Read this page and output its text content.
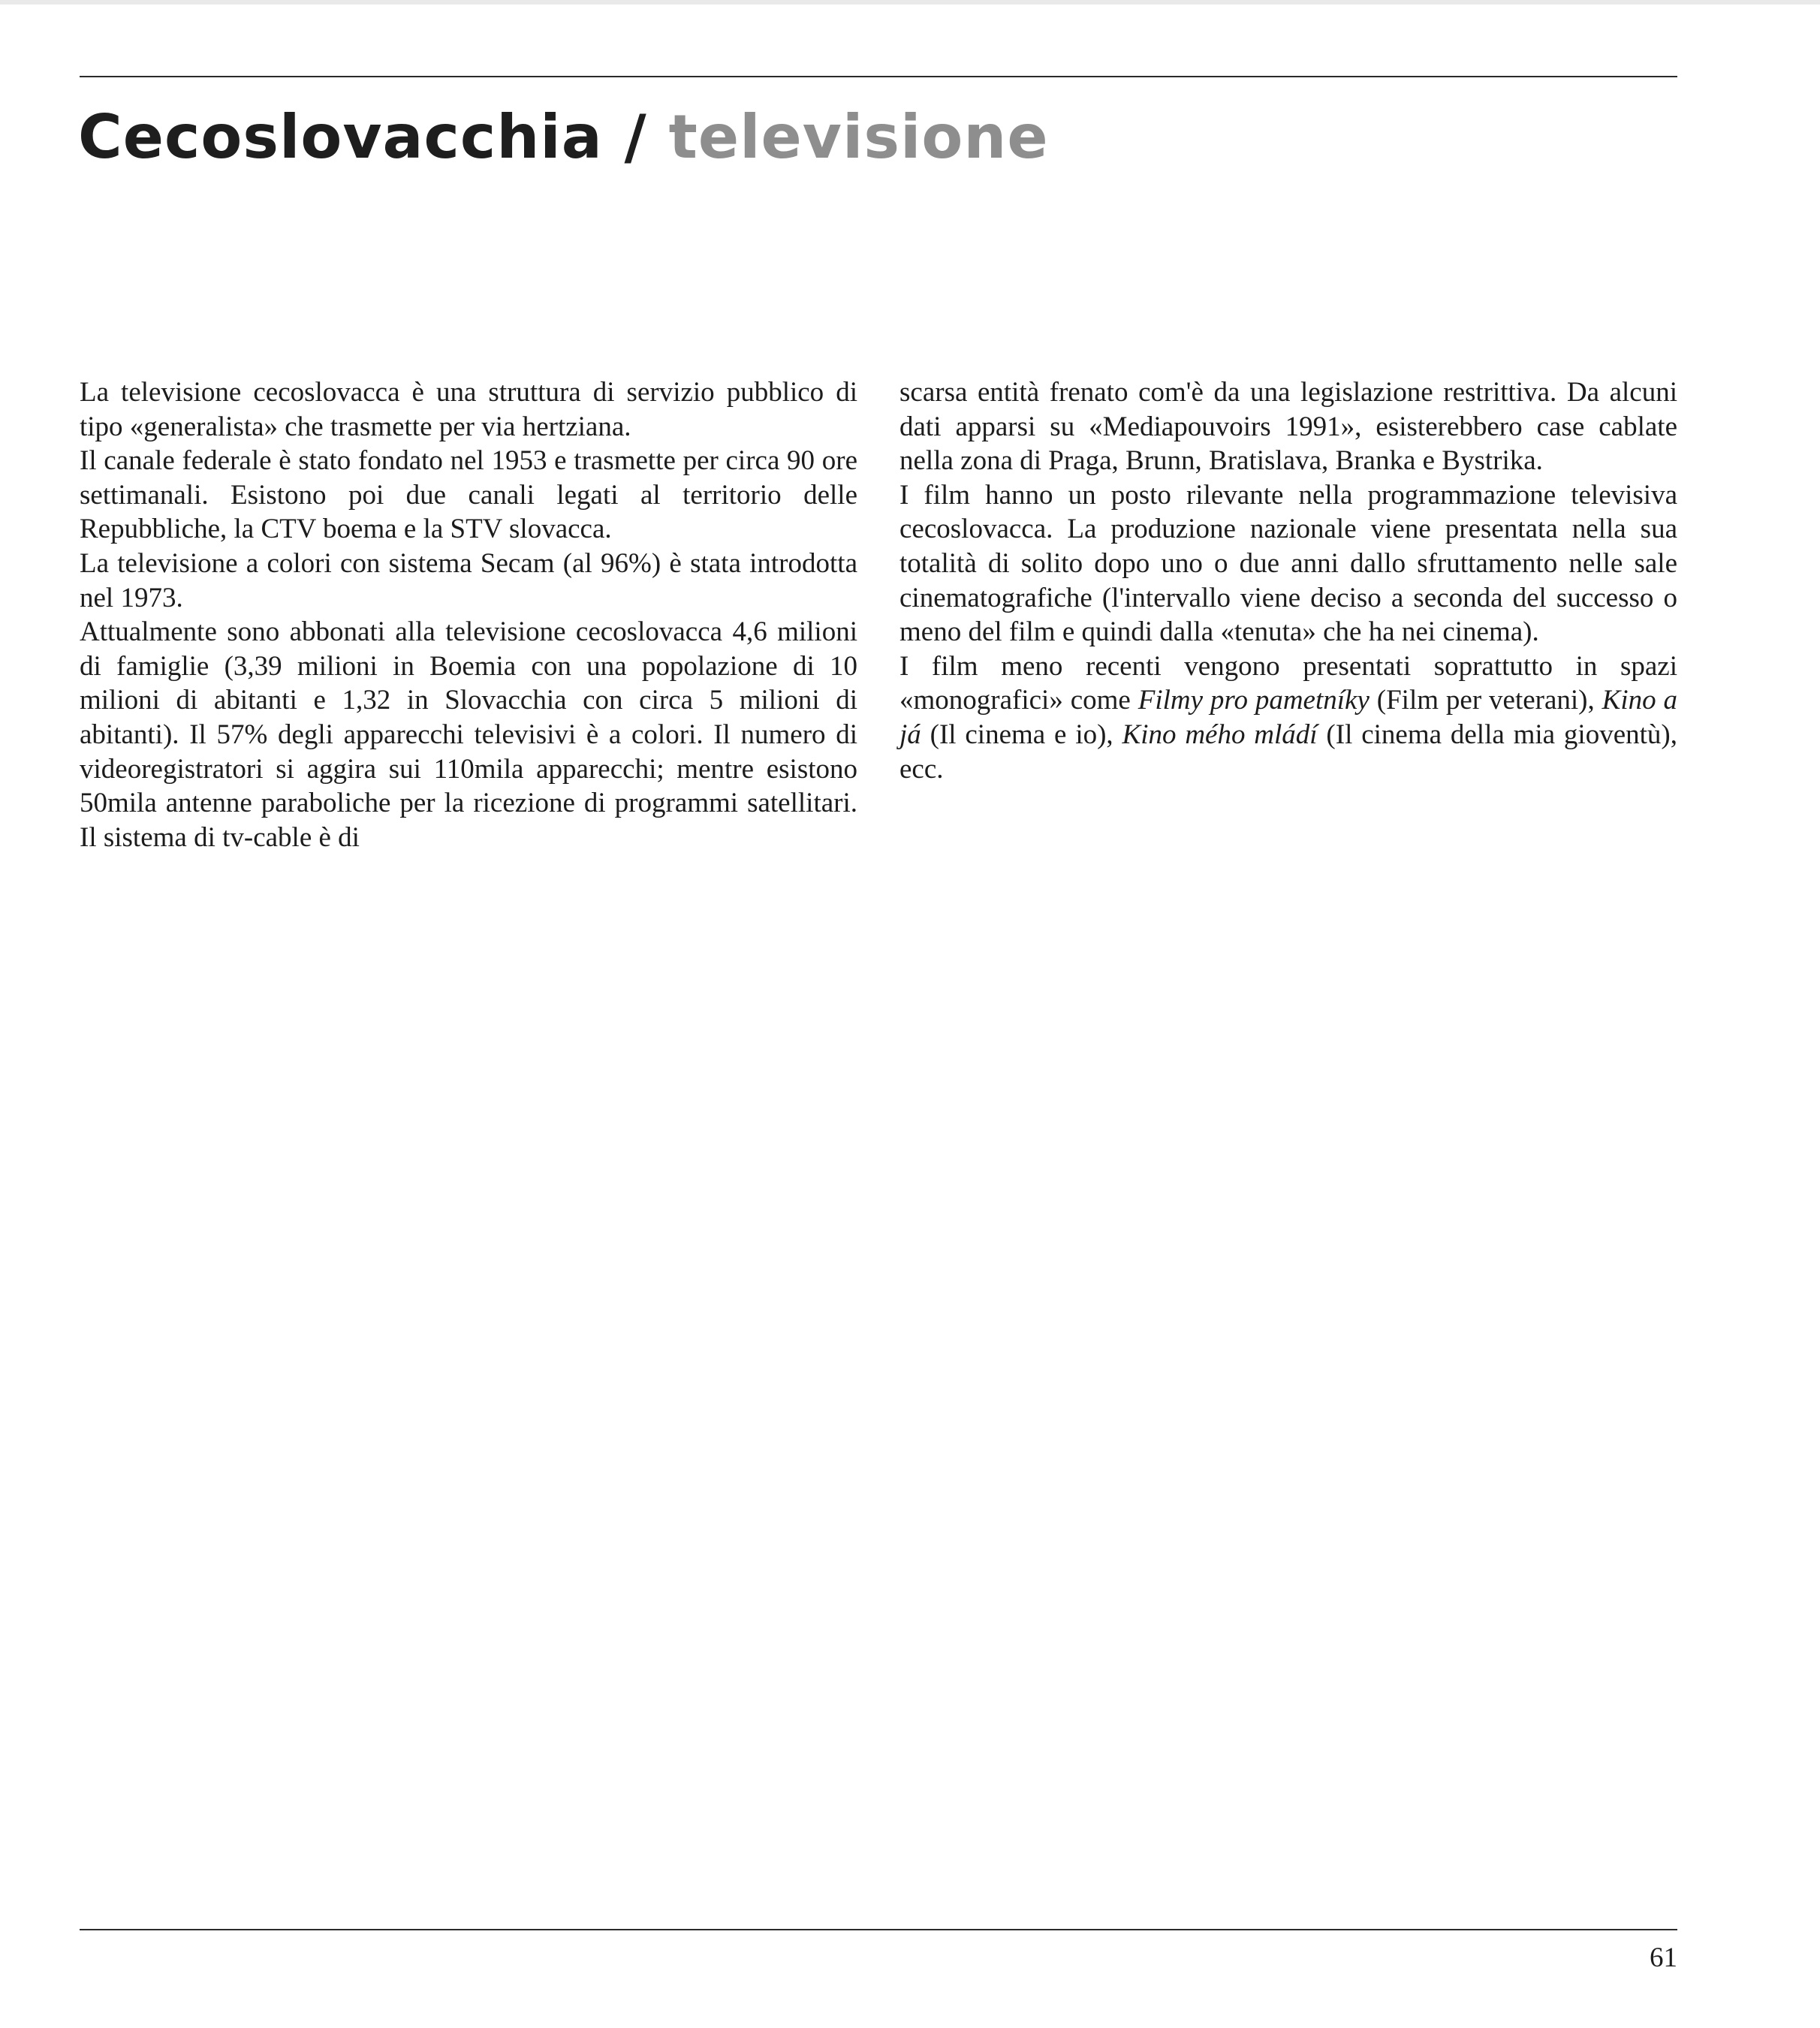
Cecoslovacchia / televisione

La televisione cecoslovacca è una struttura di servizio pubblico di tipo «generalista» che trasmette per via hertziana.

Il canale federale è stato fondato nel 1953 e trasmette per circa 90 ore settimanali. Esistono poi due canali legati al territorio delle Repubbliche, la CTV boema e la STV slovacca.

La televisione a colori con sistema Secam (al 96%) è stata introdotta nel 1973.

Attualmente sono abbonati alla televisione cecoslovacca 4,6 milioni di famiglie (3,39 milioni in Boemia con una popolazione di 10 milioni di abitanti e 1,32 in Slovacchia con circa 5 milioni di abitanti). Il 57% degli apparecchi televisivi è a colori. Il numero di videoregistratori si aggira sui 110mila apparecchi; mentre esistono 50mila antenne paraboliche per la ricezione di programmi satellitari. Il sistema di tv-cable è di

scarsa entità frenato com'è da una legislazione restrittiva. Da alcuni dati apparsi su «Mediapouvoirs 1991», esisterebbero case cablate nella zona di Praga, Brunn, Bratislava, Branka e Bystrika.

I film hanno un posto rilevante nella programmazione televisiva cecoslovacca. La produzione nazionale viene presentata nella sua totalità di solito dopo uno o due anni dallo sfruttamento nelle sale cinematografiche (l'intervallo viene deciso a seconda del successo o meno del film e quindi dalla «tenuta» che ha nei cinema).

I film meno recenti vengono presentati soprattutto in spazi «monografici» come Filmy pro pametníky (Film per veterani), Kino a já (Il cinema e io), Kino mého mládí (Il cinema della mia gioventù), ecc.

61
